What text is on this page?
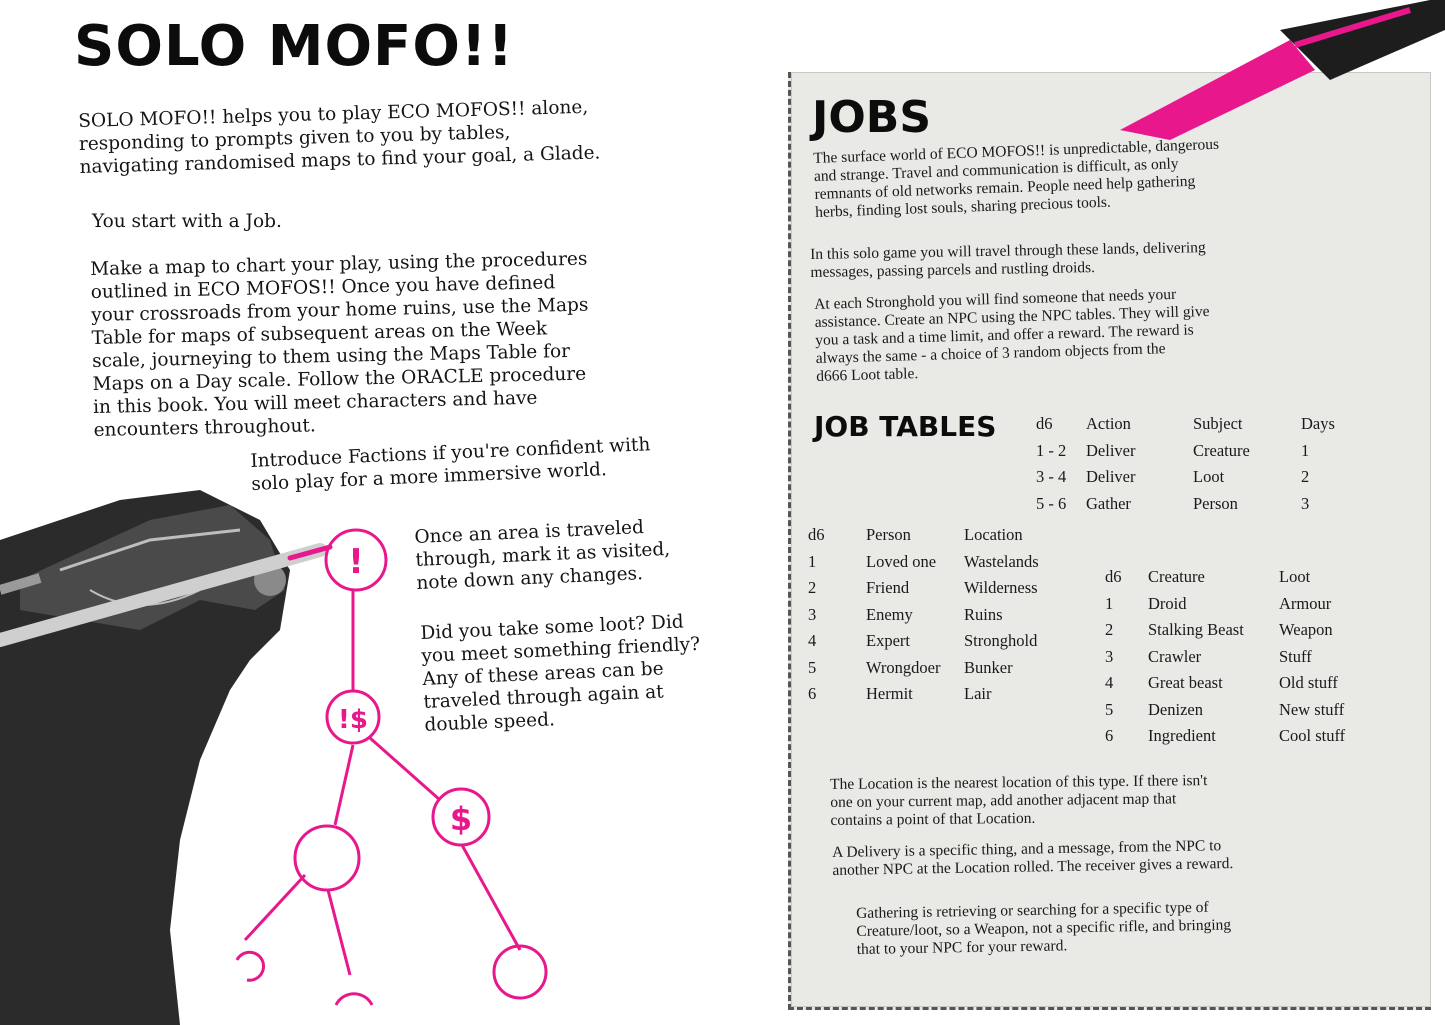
SOLO MOFO!!

SOLO MOFO!! helps you to play ECO MOFOS!! alone,
responding to prompts given to you by tables,
navigating randomised maps to find your goal, a Glade.

You start with a Job.

Make a map to chart your play, using the procedures
outlined in ECO MOFOS!! Once you have defined
your crossroads from your home ruins, use the Maps
Table for maps of subsequent areas on the Week
scale, journeying to them using the Maps Table for
Maps on a Day scale. Follow the ORACLE procedure
in this book. You will meet characters and have
encounters throughout.

Introduce Factions if you're confident with
solo play for a more immersive world.

Once an area is traveled
through, mark it as visited,
note down any changes.

Did you take some loot? Did
you meet something friendly?
Any of these areas can be
traveled through again at
double speed.

!
!$
$
JOBS

The surface world of ECO MOFOS!! is unpredictable, dangerous
and strange. Travel and communication is difficult, as only
remnants of old networks remain. People need help gathering
herbs, finding lost souls, sharing precious tools.

In this solo game you will travel through these lands, delivering
messages, passing parcels and rustling droids.

At each Stronghold you will find someone that needs your
assistance. Create an NPC using the NPC tables. They will give
you a task and a time limit, and offer a reward. The reward is
always the same - a choice of 3 random objects from the
d666 Loot table.

JOB TABLES d6	Action	Subject	Days
1 - 2	Deliver	Creature	1
3 - 4	Deliver	Loot	2
5 - 6	Gather	Person	3
d6	Person	Location
1	Loved one	Wastelands
2	Friend	Wilderness
3	Enemy	Ruins
4	Expert	Stronghold
5	Wrongdoer	Bunker
6	Hermit	Lair
d6	Creature	Loot
1	Droid	Armour
2	Stalking Beast	Weapon
3	Crawler	Stuff
4	Great beast	Old stuff
5	Denizen	New stuff
6	Ingredient	Cool stuff

The Location is the nearest location of this type. If there isn't
one on your current map, add another adjacent map that
contains a point of that Location.

A Delivery is a specific thing, and a message, from the NPC to
another NPC at the Location rolled. The receiver gives a reward.

Gathering is retrieving or searching for a specific type of
Creature/loot, so a Weapon, not a specific rifle, and bringing
that to your NPC for your reward.
